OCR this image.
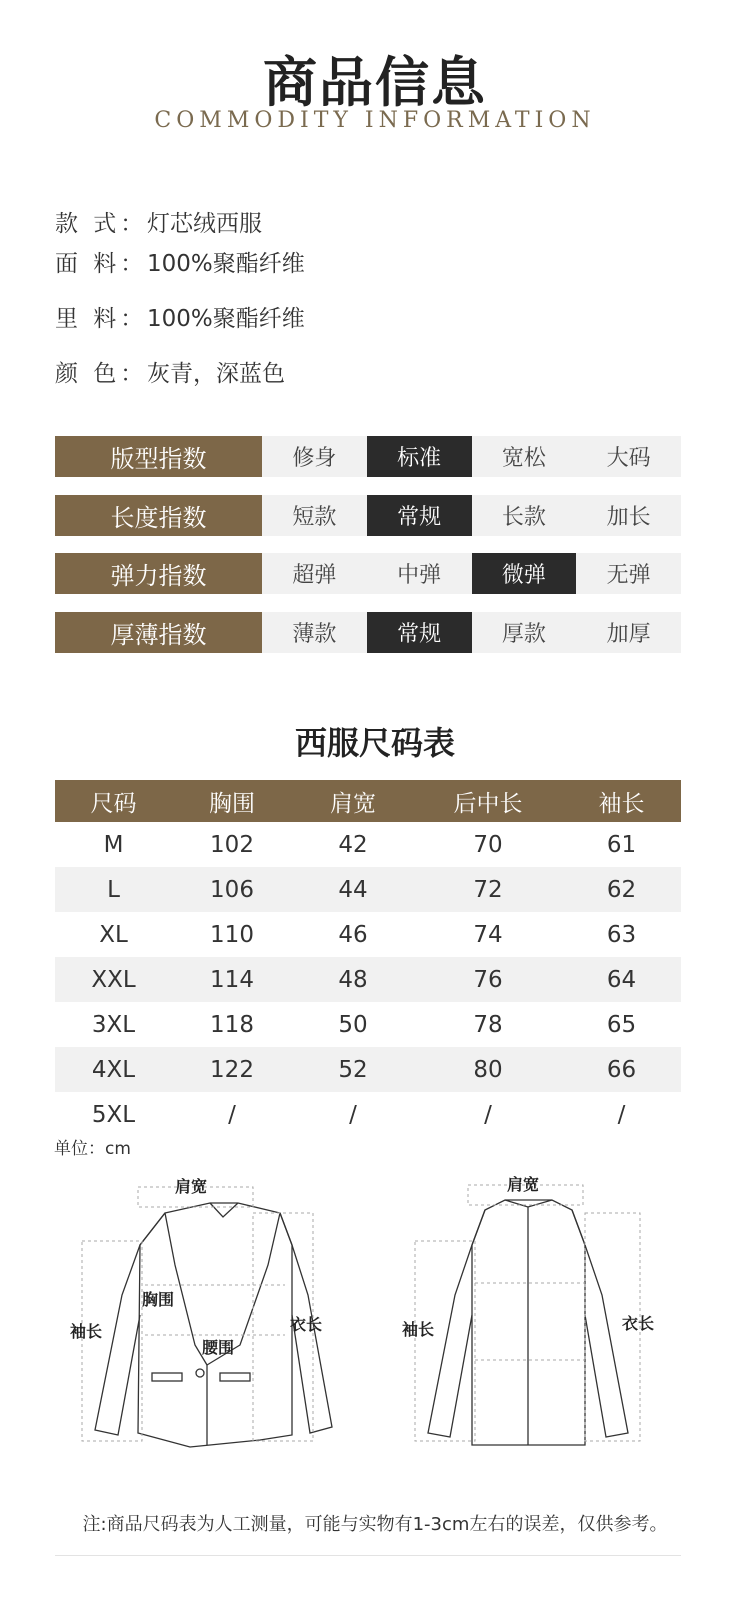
商品信息
COMMODITY INFORMATION
款 式：灯芯绒西服
面 料：100%聚酯纤维
里 料：100%聚酯纤维
颜 色：灰青，深蓝色
版型指数	修身	标准	宽松	大码
长度指数	短款	常规	长款	加长
弹力指数	超弹	中弹	微弹	无弹
厚薄指数	薄款	常规	厚款	加厚
西服尺码表
尺码	胸围	肩宽	后中长	袖长
M	102	42	70	61
L	106	44	72	62
XL	110	46	74	63
XXL	114	48	76	64
3XL	118	50	78	65
4XL	122	52	80	66
5XL	/	/	/	/
单位：cm
肩宽
袖长
胸围
腰围
衣长
肩宽
袖长	衣长
注:商品尺码表为人工测量，可能与实物有1-3cm左右的误差，仅供参考。
